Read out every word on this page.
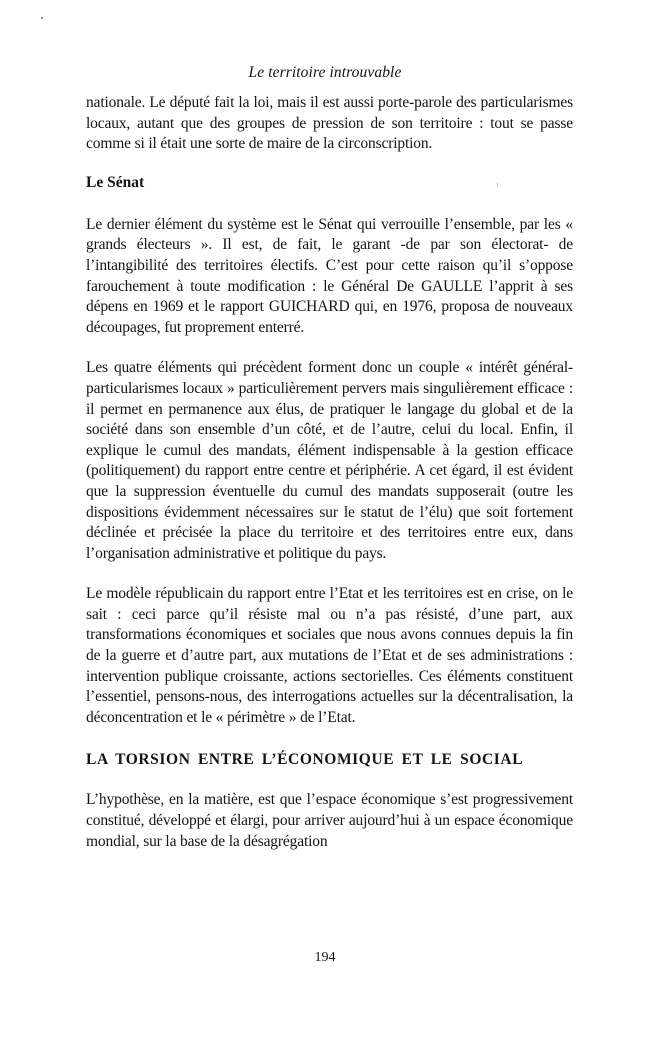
Le territoire introuvable

nationale. Le député fait la loi, mais il est aussi porte-parole des particularismes locaux, autant que des groupes de pression de son territoire : tout se passe comme si il était une sorte de maire de la circonscription.

Le Sénat

Le dernier élément du système est le Sénat qui verrouille l’ensemble, par les « grands électeurs ». Il est, de fait, le garant -de par son électorat- de l’intangibilité des territoires électifs. C’est pour cette raison qu’il s’oppose farouchement à toute modification : le Général De GAULLE l’apprit à ses dépens en 1969 et le rapport GUICHARD qui, en 1976, proposa de nouveaux découpages, fut proprement enterré.

Les quatre éléments qui précèdent forment donc un couple « intérêt général-particularismes locaux » particulièrement pervers mais singulièrement efficace : il permet en permanence aux élus, de pratiquer le langage du global et de la société dans son ensemble d’un côté, et de l’autre, celui du local. Enfin, il explique le cumul des mandats, élément indispensable à la gestion efficace (politiquement) du rapport entre centre et périphérie. A cet égard, il est évident que la suppression éventuelle du cumul des mandats supposerait (outre les dispositions évidemment nécessaires sur le statut de l’élu) que soit fortement déclinée et précisée la place du territoire et des territoires entre eux, dans l’organisation administrative et politique du pays.

Le modèle républicain du rapport entre l’Etat et les territoires est en crise, on le sait : ceci parce qu’il résiste mal ou n’a pas résisté, d’une part, aux transformations économiques et sociales que nous avons connues depuis la fin de la guerre et d’autre part, aux mutations de l’Etat et de ses administrations : intervention publique croissante, actions sectorielles. Ces éléments constituent l’essentiel, pensons-nous, des interrogations actuelles sur la décentralisation, la déconcentration et le « périmètre » de l’Etat.

LA TORSION ENTRE L’ÉCONOMIQUE ET LE SOCIAL

L’hypothèse, en la matière, est que l’espace économique s’est progressivement constitué, développé et élargi, pour arriver aujourd’hui à un espace économique mondial, sur la base de la désagrégation

194
